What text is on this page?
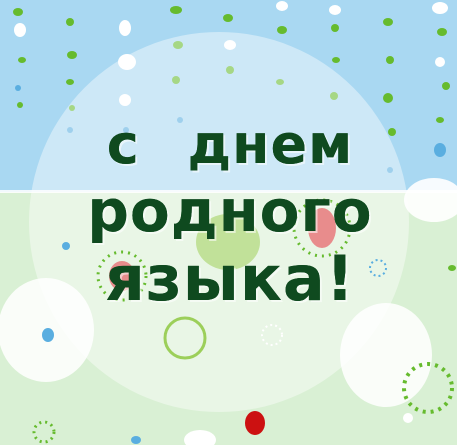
с днем
родного
языка!
